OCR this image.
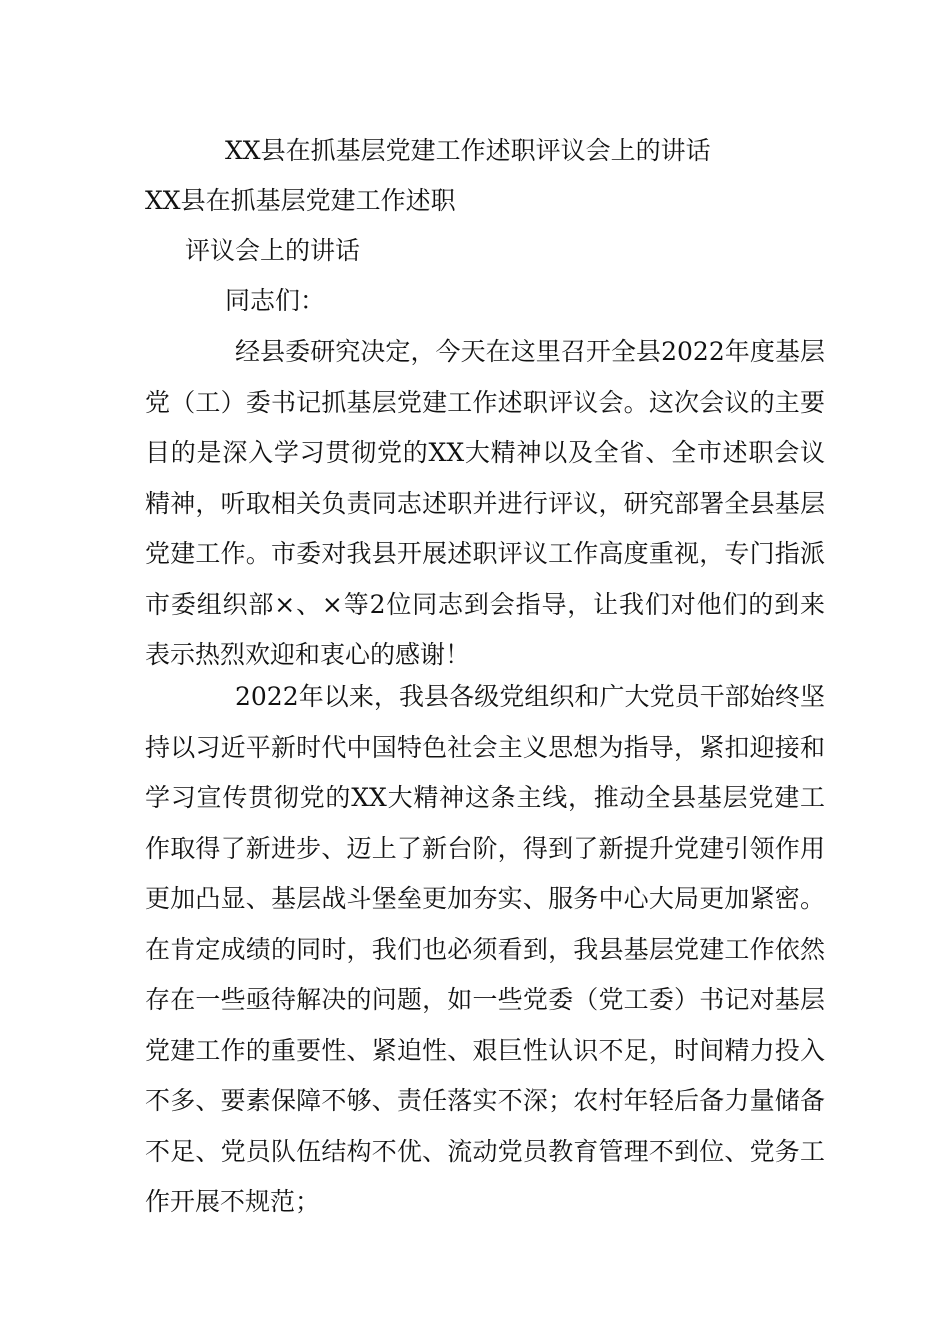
XX县在抓基层党建工作述职评议会上的讲话
XX县在抓基层党建工作述职
评议会上的讲话
同志们：

经县委研究决定，今天在这里召开全县2022年度基层党（工）委书记抓基层党建工作述职评议会。这次会议的主要目的是深入学习贯彻党的XX大精神以及全省、全市述职会议精神，听取相关负责同志述职并进行评议，研究部署全县基层党建工作。市委对我县开展述职评议工作高度重视，专门指派市委组织部×、×等2位同志到会指导，让我们对他们的到来表示热烈欢迎和衷心的感谢！

2022年以来，我县各级党组织和广大党员干部始终坚持以习近平新时代中国特色社会主义思想为指导，紧扣迎接和学习宣传贯彻党的XX大精神这条主线，推动全县基层党建工作取得了新进步、迈上了新台阶，得到了新提升党建引领作用更加凸显、基层战斗堡垒更加夯实、服务中心大局更加紧密。在肯定成绩的同时，我们也必须看到，我县基层党建工作依然存在一些亟待解决的问题，如一些党委（党工委）书记对基层党建工作的重要性、紧迫性、艰巨性认识不足，时间精力投入不多、要素保障不够、责任落实不深；农村年轻后备力量储备不足、党员队伍结构不优、流动党员教育管理不到位、党务工作开展不规范；
